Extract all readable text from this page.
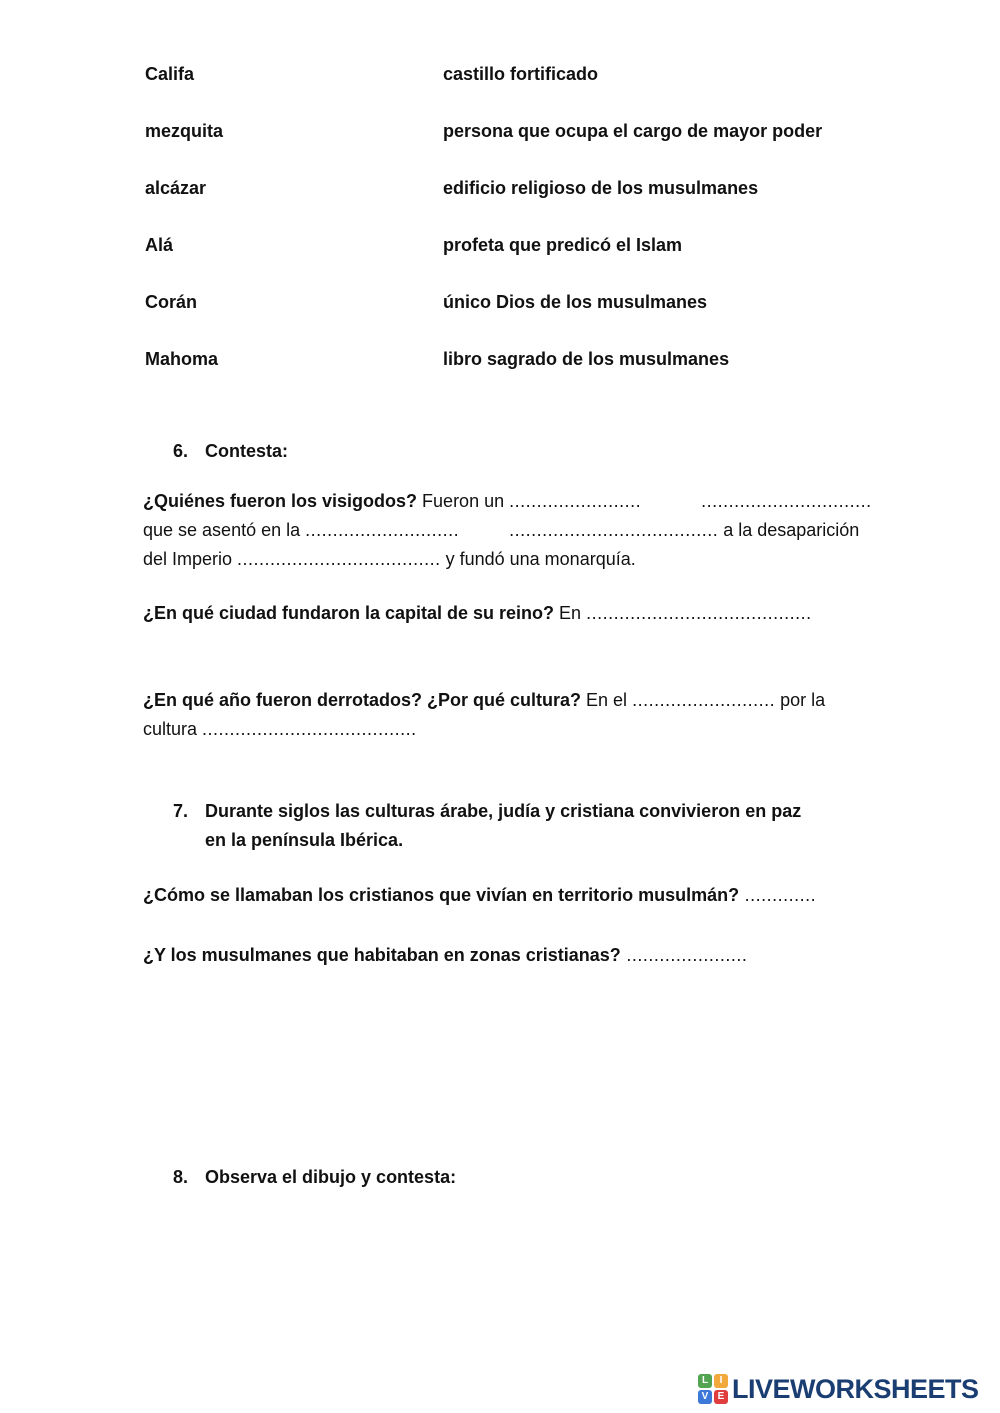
Califa	castillo fortificado
mezquita	persona que ocupa el cargo de mayor poder
alcázar	edificio religioso de los musulmanes
Alá	profeta que predicó el Islam
Corán	único Dios de los musulmanes
Mahoma	libro sagrado de los musulmanes
6. Contesta:
¿Quiénes fueron los visigodos? Fueron un ........................	...............................
que se asentó en la ............................	...................................... a la desaparición
del Imperio ..................................... y fundó una monarquía.
¿En qué ciudad fundaron la capital de su reino? En .........................................
¿En qué año fueron derrotados? ¿Por qué cultura? En el .......................... por la
cultura .......................................
7. Durante siglos las culturas árabe, judía y cristiana convivieron en paz
en la península Ibérica.
¿Cómo se llamaban los cristianos que vivían en territorio musulmán? .............
¿Y los musulmanes que habitaban en zonas cristianas? ......................
8. Observa el dibujo y contesta:
L	I
V E LIVEWORKSHEETS
